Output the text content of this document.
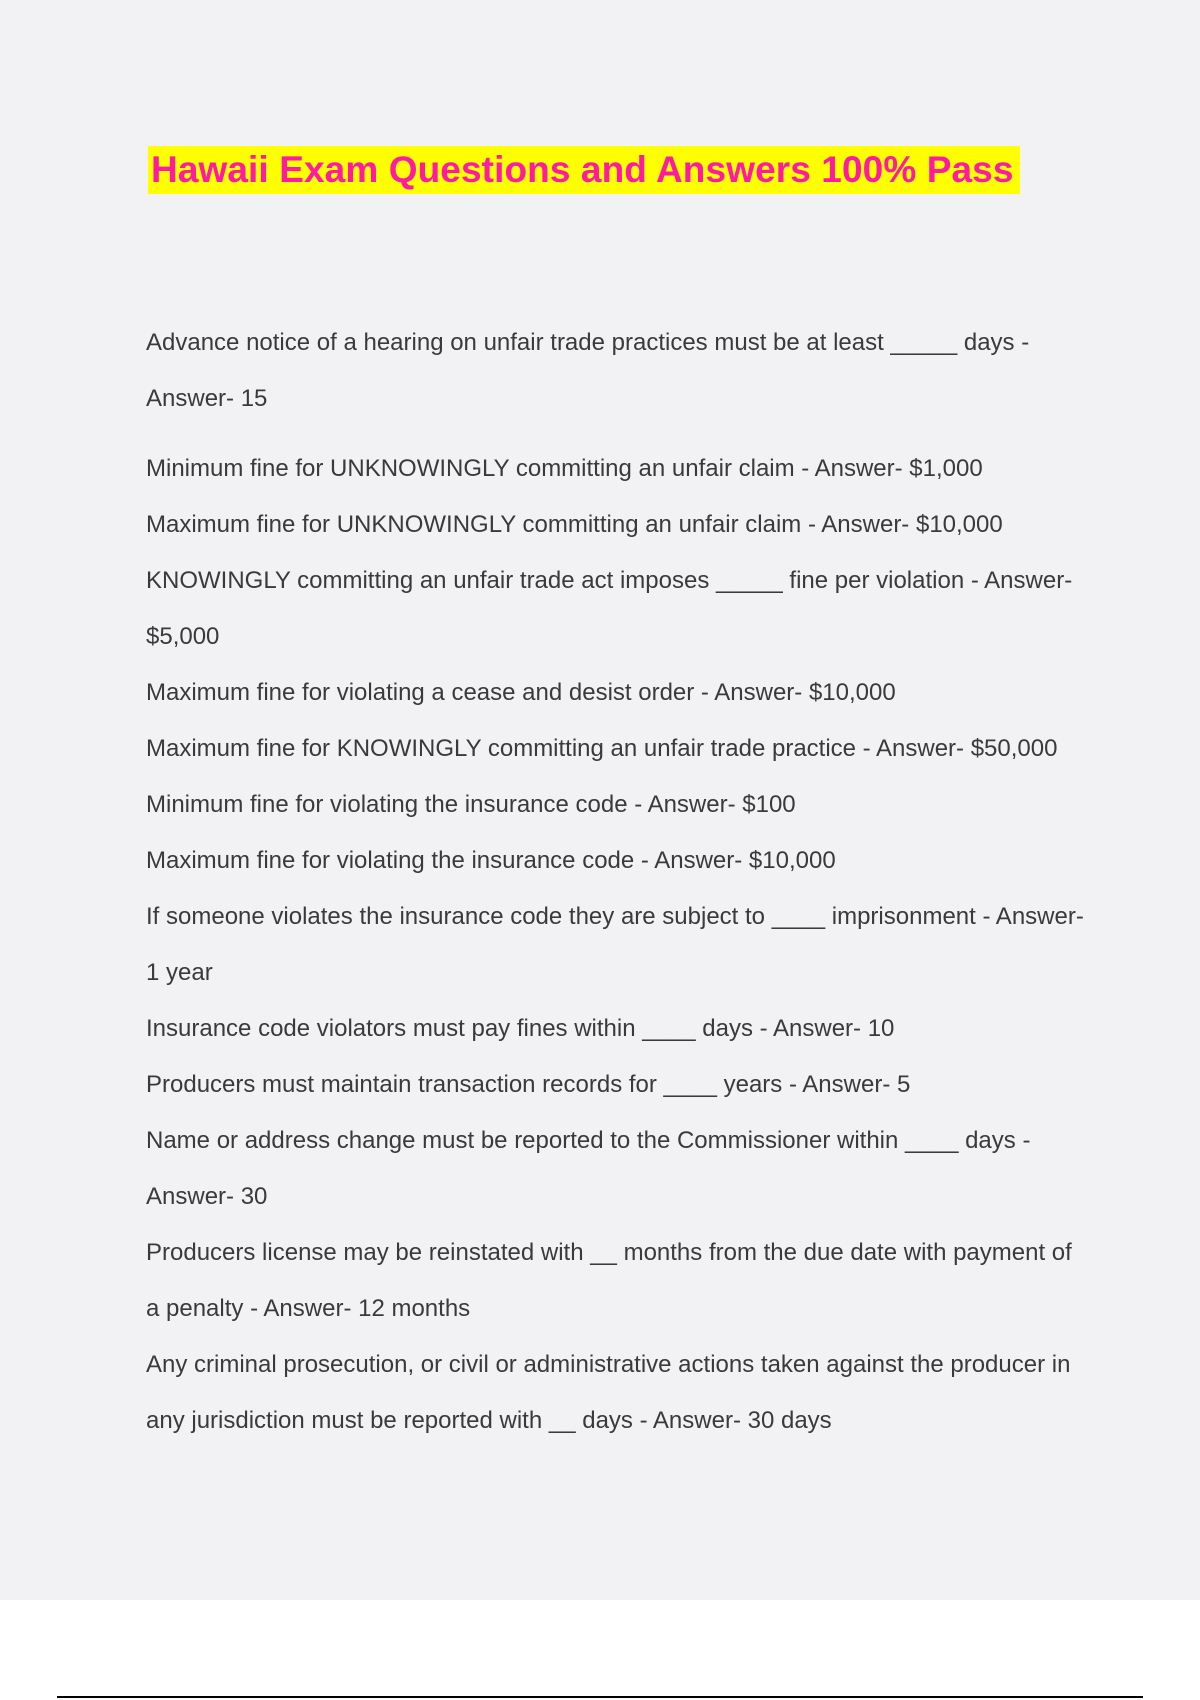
Hawaii Exam Questions and Answers 100% Pass

Advance notice of a hearing on unfair trade practices must be at least _____ days -
Answer- 15

Minimum fine for UNKNOWINGLY committing an unfair claim - Answer- $1,000

Maximum fine for UNKNOWINGLY committing an unfair claim - Answer- $10,000

KNOWINGLY committing an unfair trade act imposes _____ fine per violation - Answer-
$5,000

Maximum fine for violating a cease and desist order - Answer- $10,000

Maximum fine for KNOWINGLY committing an unfair trade practice - Answer- $50,000

Minimum fine for violating the insurance code - Answer- $100

Maximum fine for violating the insurance code - Answer- $10,000

If someone violates the insurance code they are subject to ____ imprisonment - Answer-
1 year

Insurance code violators must pay fines within ____ days - Answer- 10

Producers must maintain transaction records for ____ years - Answer- 5

Name or address change must be reported to the Commissioner within ____ days -
Answer- 30

Producers license may be reinstated with __ months from the due date with payment of
a penalty - Answer- 12 months

Any criminal prosecution, or civil or administrative actions taken against the producer in
any jurisdiction must be reported with __ days - Answer- 30 days
